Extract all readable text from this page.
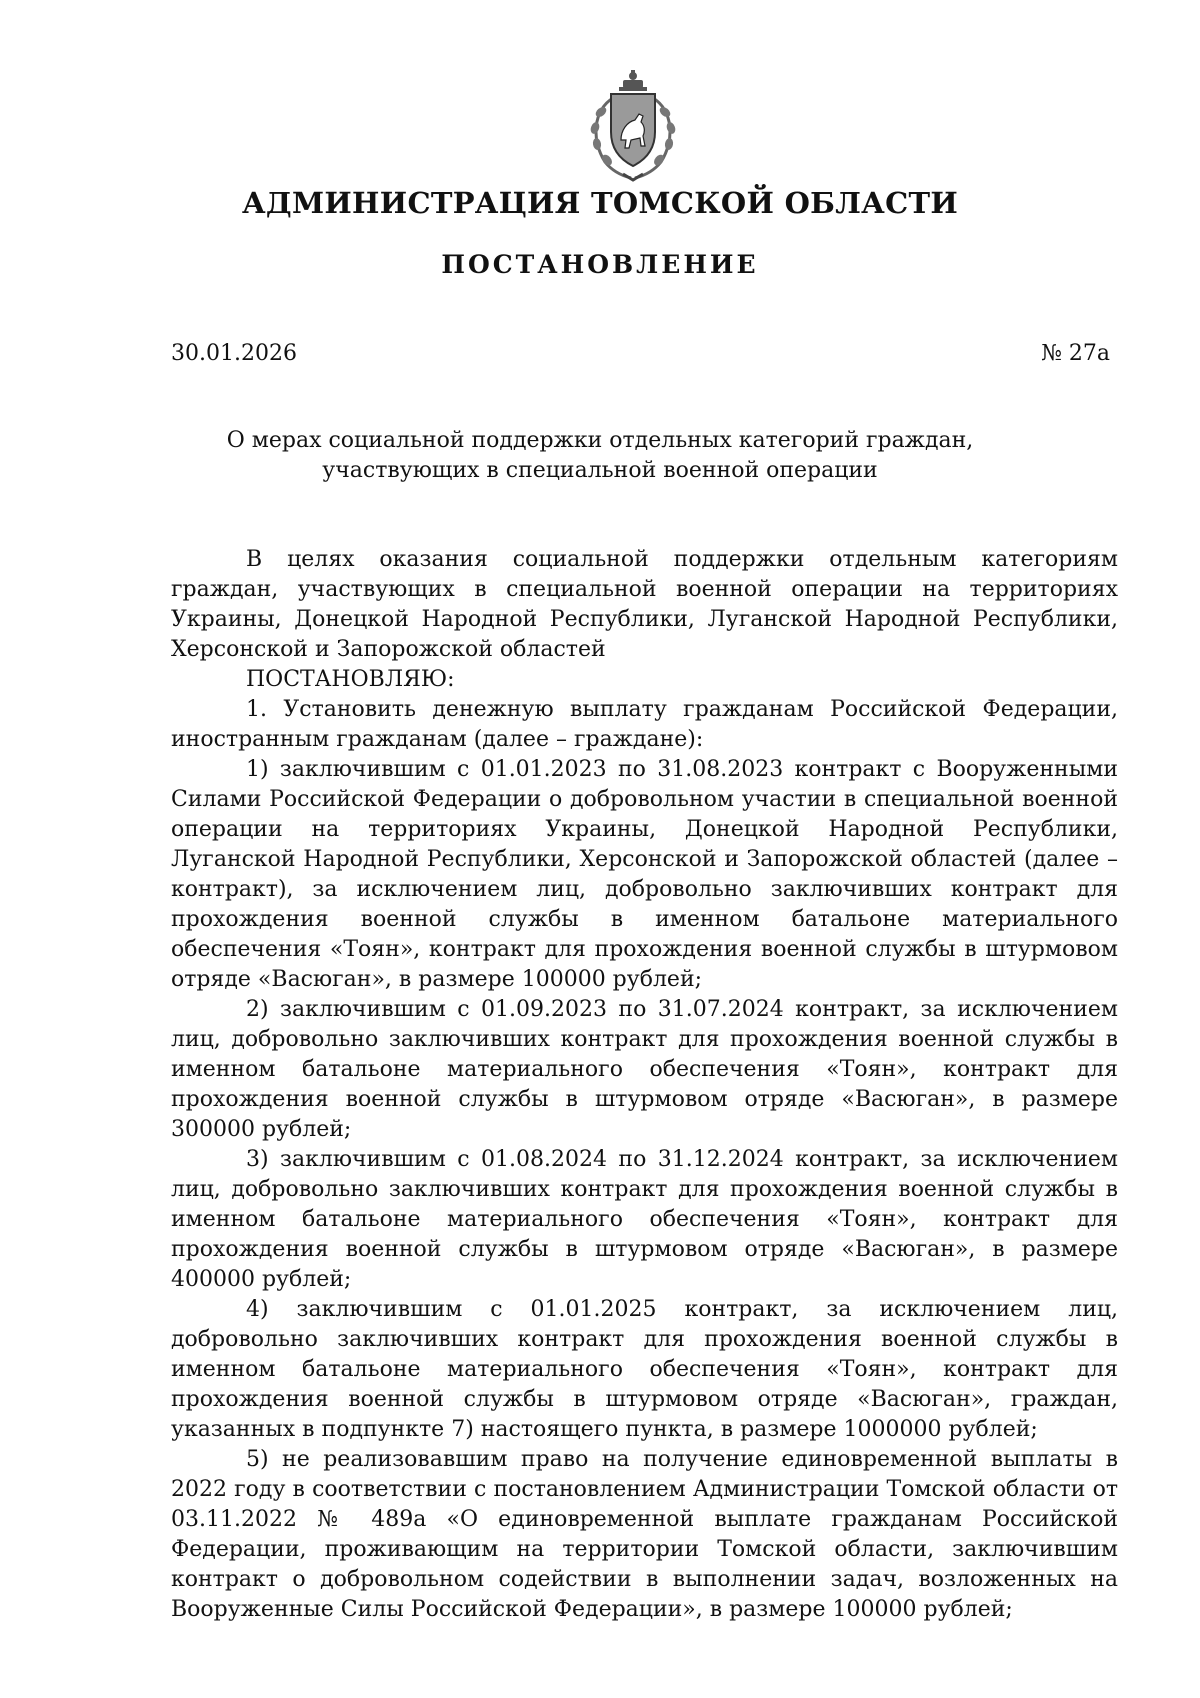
АДМИНИСТРАЦИЯ ТОМСКОЙ ОБЛАСТИ
ПОСТАНОВЛЕНИЕ
30.01.2026	№ 27а
О мерах социальной поддержки отдельных категорий граждан,
участвующих в специальной военной операции

В целях оказания социальной поддержки отдельным категориям граждан, участвующих в специальной военной операции на территориях Украины, Донецкой Народной Республики, Луганской Народной Республики, Херсонской и Запорожской областей

ПОСТАНОВЛЯЮ:

1. Установить денежную выплату гражданам Российской Федерации, иностранным гражданам (далее – граждане):

1) заключившим с 01.01.2023 по 31.08.2023 контракт с Вооруженными Силами Российской Федерации о добровольном участии в специальной военной операции на территориях Украины, Донецкой Народной Республики, Луганской Народной Республики, Херсонской и Запорожской областей (далее – контракт), за исключением лиц, добровольно заключивших контракт для прохождения военной службы в именном батальоне материального обеспечения «Тоян», контракт для прохождения военной службы в штурмовом отряде «Васюган», в размере 100000 рублей;

2) заключившим с 01.09.2023 по 31.07.2024 контракт, за исключением лиц, добровольно заключивших контракт для прохождения военной службы в именном батальоне материального обеспечения «Тоян», контракт для прохождения военной службы в штурмовом отряде «Васюган», в размере 300000 рублей;

3) заключившим с 01.08.2024 по 31.12.2024 контракт, за исключением лиц, добровольно заключивших контракт для прохождения военной службы в именном батальоне материального обеспечения «Тоян», контракт для прохождения военной службы в штурмовом отряде «Васюган», в размере 400000 рублей;

4) заключившим с 01.01.2025 контракт, за исключением лиц, добровольно заключивших контракт для прохождения военной службы в именном батальоне материального обеспечения «Тоян», контракт для прохождения военной службы в штурмовом отряде «Васюган», граждан, указанных в подпункте 7) настоящего пункта, в размере 1000000 рублей;

5) не реализовавшим право на получение единовременной выплаты в 2022 году в соответствии с постановлением Администрации Томской области от 03.11.2022 № 489а «О единовременной выплате гражданам Российской Федерации, проживающим на территории Томской области, заключившим контракт о добровольном содействии в выполнении задач, возложенных на Вооруженные Силы Российской Федерации», в размере 100000 рублей;
